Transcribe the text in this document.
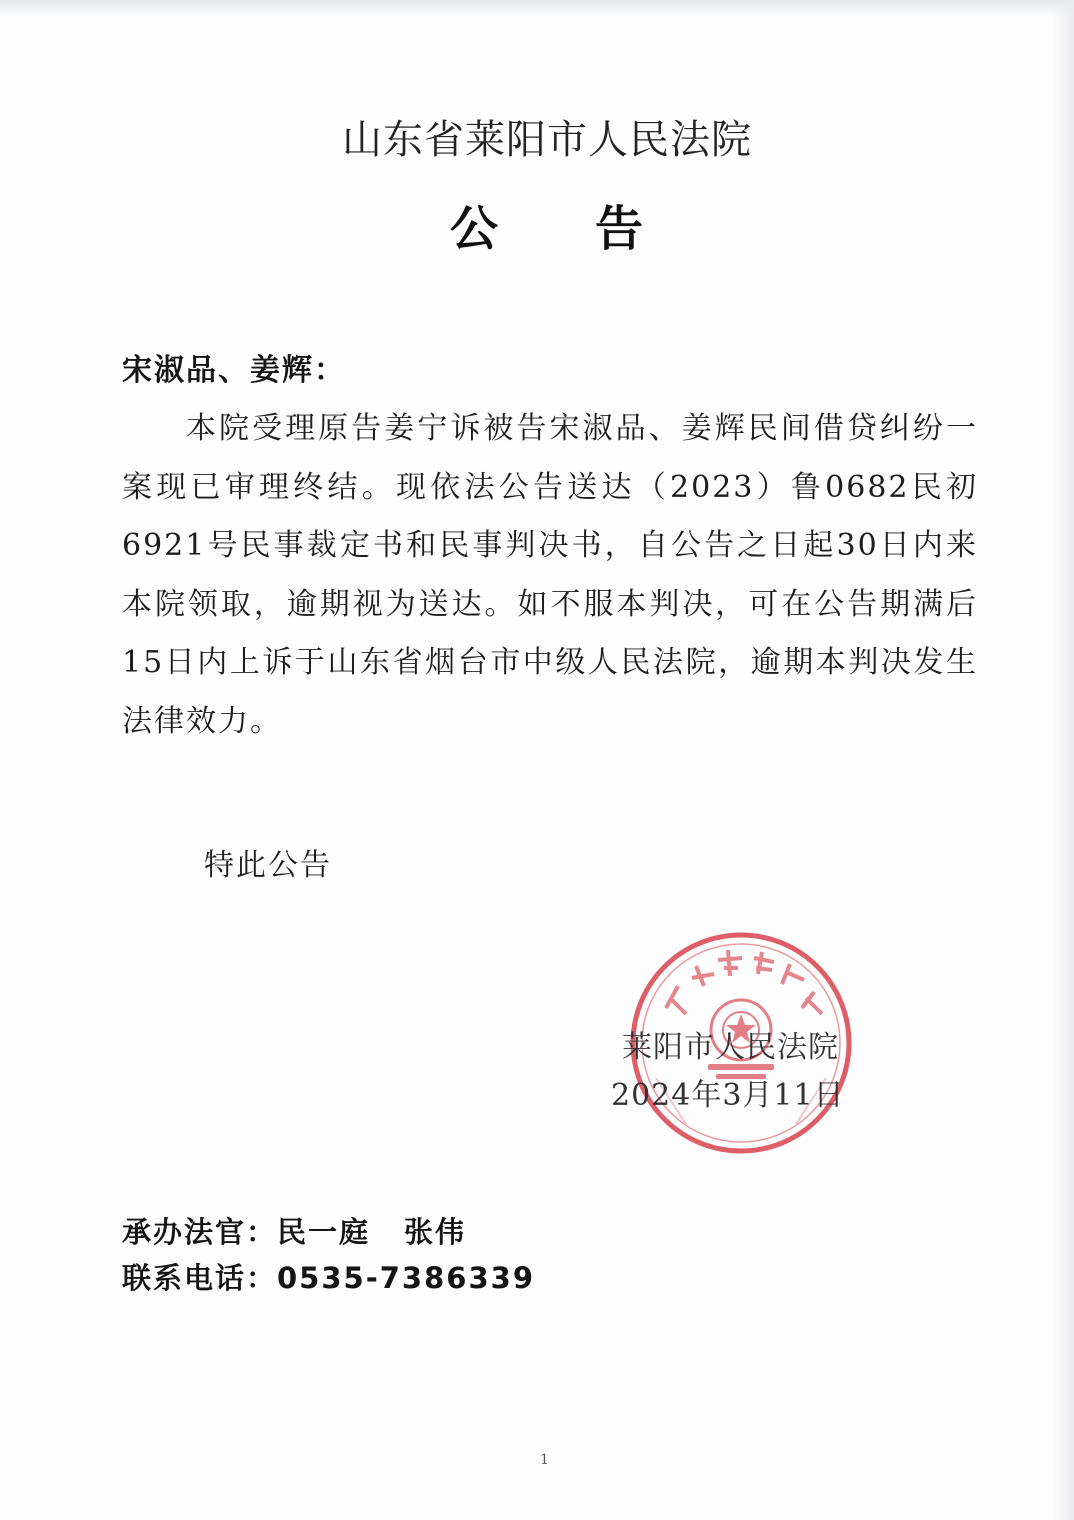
山东省莱阳市人民法院
公 告
宋淑品、姜辉：
本院受理原告姜宁诉被告宋淑品、姜辉民间借贷纠纷一案现已审理终结。现依法公告送达（2023）鲁0682民初6921号民事裁定书和民事判决书，自公告之日起30日内来本院领取，逾期视为送达。如不服本判决，可在公告期满后15日内上诉于山东省烟台市中级人民法院，逾期本判决发生法律效力。
特此公告
莱阳市人民法院
2024年3月11日
承办法官：民一庭 张伟
联系电话：0535-7386339
1
